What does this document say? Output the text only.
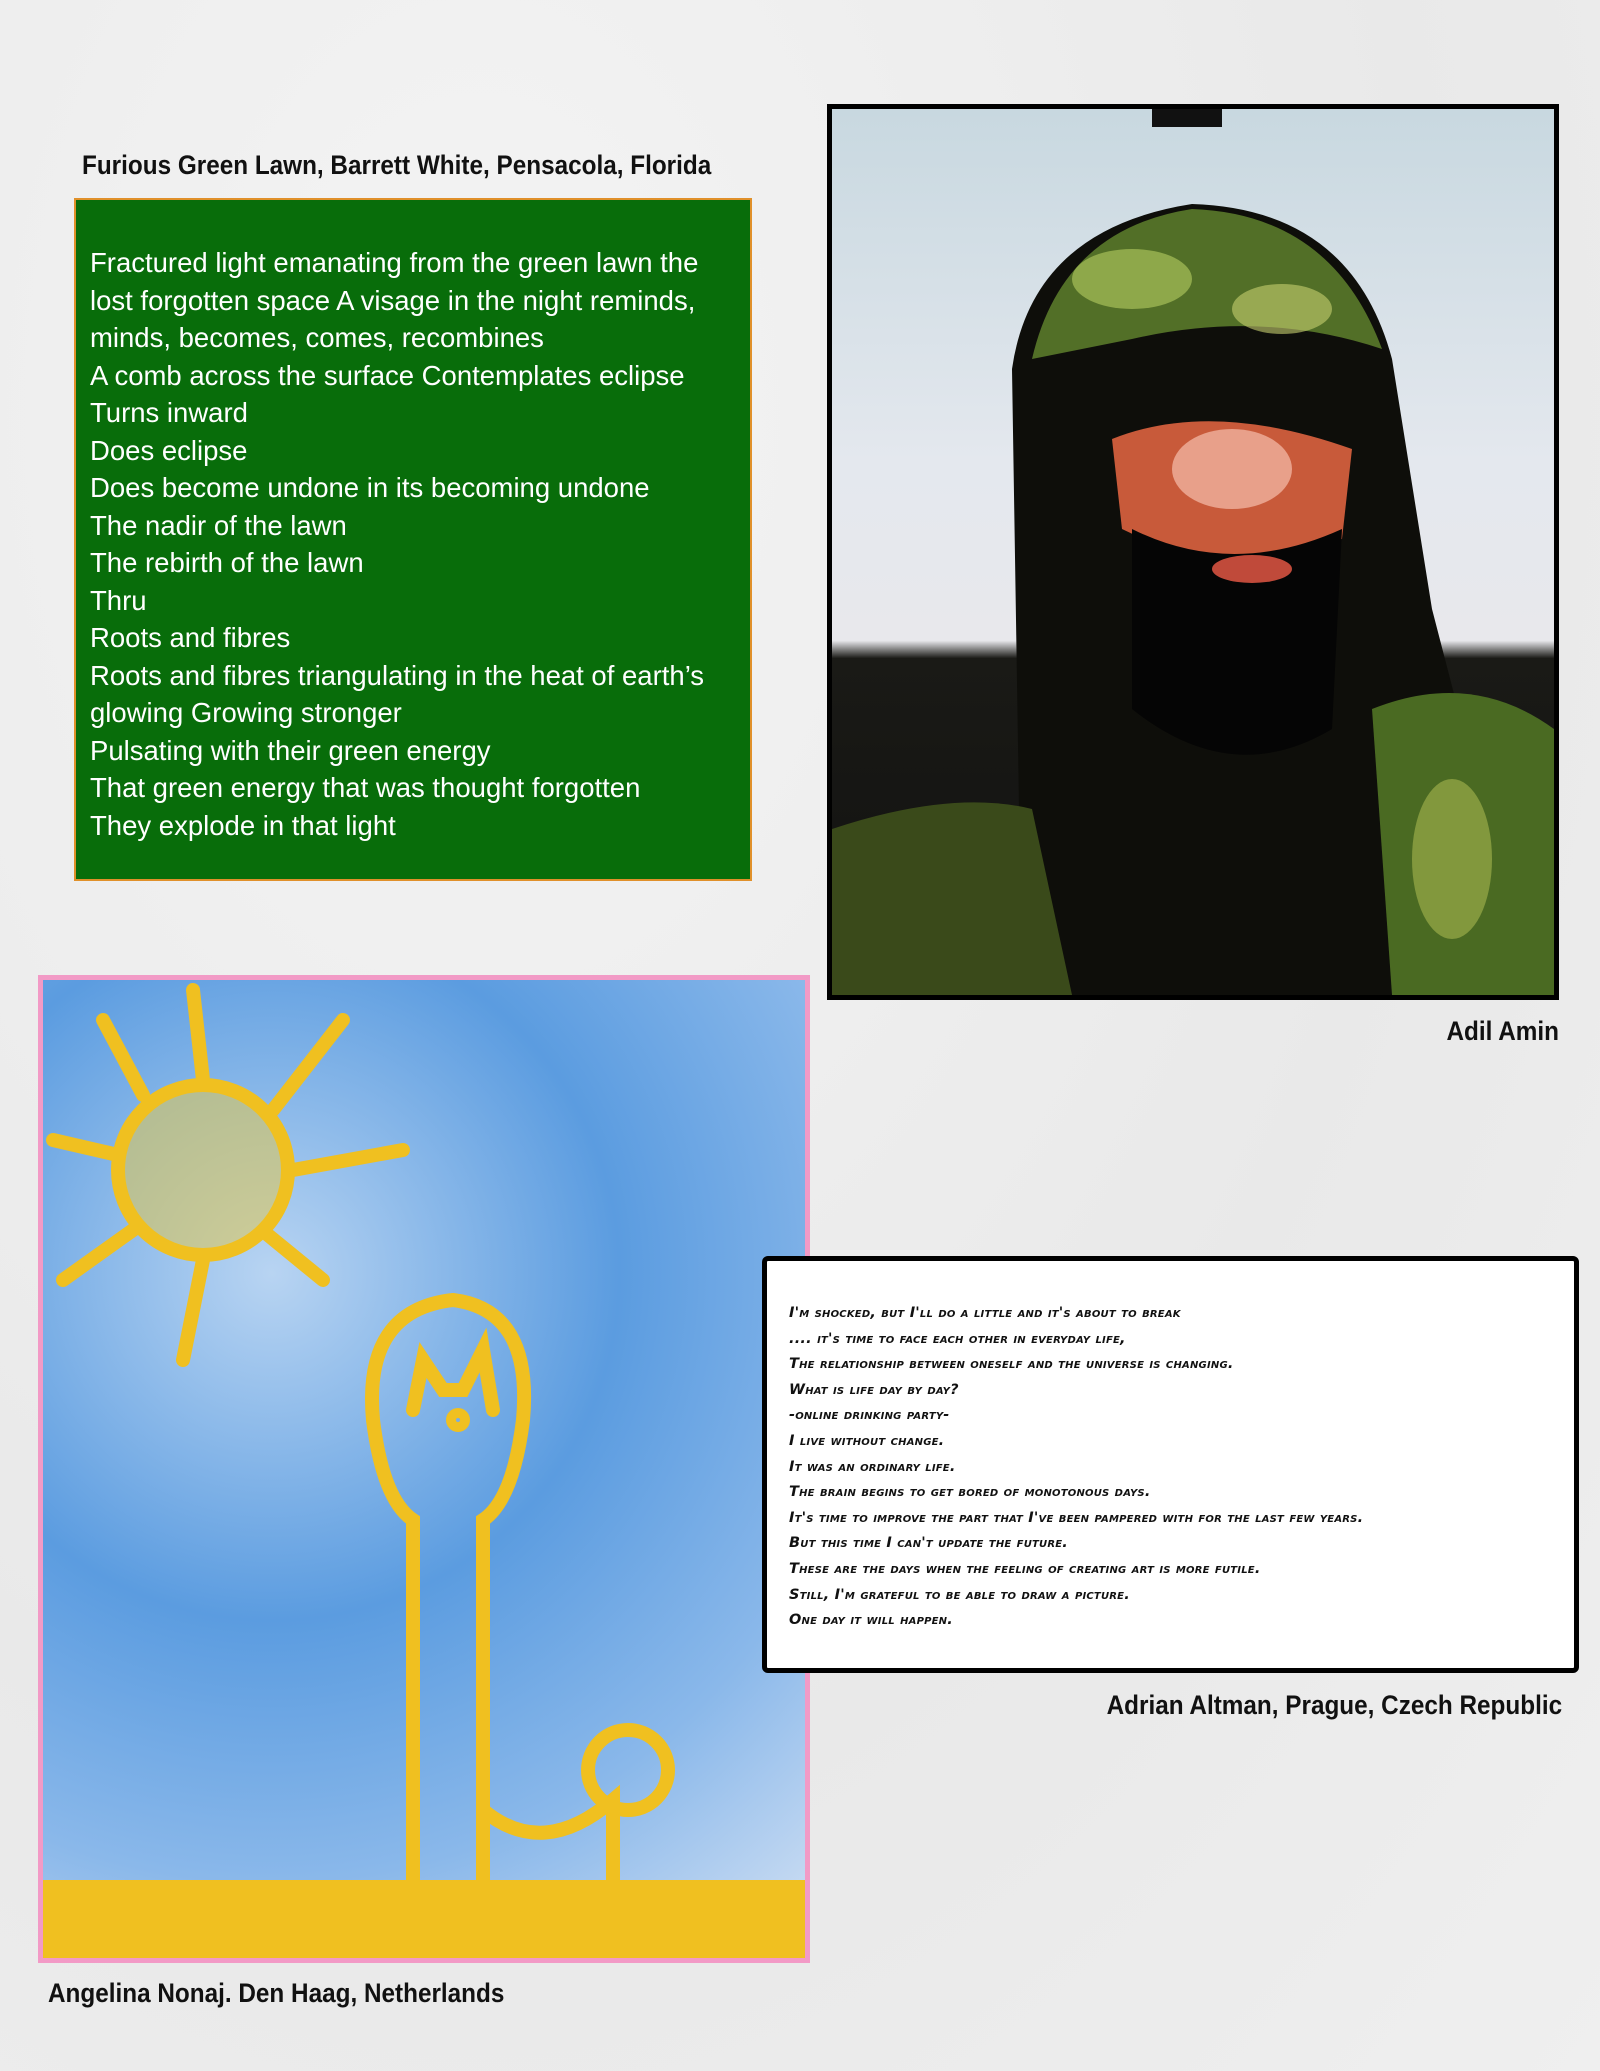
Furious Green Lawn, Barrett White, Pensacola, Florida
Fractured light emanating from the green lawn the
lost forgotten space A visage in the night reminds,
minds, becomes, comes, recombines
A comb across the surface Contemplates eclipse
Turns inward
Does eclipse
Does become undone in its becoming undone
The nadir of the lawn
The rebirth of the lawn
Thru
Roots and fibres
Roots and fibres triangulating in the heat of earth’s
glowing Growing stronger
Pulsating with their green energy
That green energy that was thought forgotten
They explode in that light
Adil Amin
Angelina Nonaj. Den Haag, Netherlands
I'm shocked, but I'll do a little and it's about to break
.... it's time to face each other in everyday life,
The relationship between oneself and the universe is changing.
What is life day by day?
-online drinking party-
I live without change.
It was an ordinary life.
The brain begins to get bored of monotonous days.
It's time to improve the part that I've been pampered with for the last few years.
But this time I can't update the future.
These are the days when the feeling of creating art is more futile.
Still, I'm grateful to be able to draw a picture.
One day it will happen.
Adrian Altman, Prague, Czech Republic
